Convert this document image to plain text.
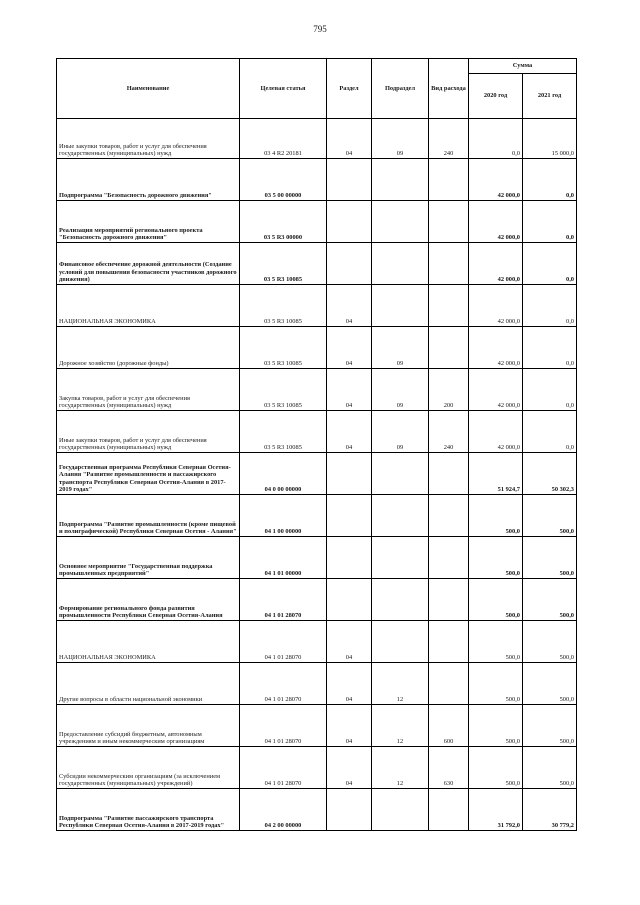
795
Наименование	Целевая статья	Раздел	Подраздел	Вид расхода	Сумма	
					2020 год	2021 год
Иные закупки товаров, работ и услуг для обеспечения государственных (муниципальных) нужд	03 4 R2 20181	04	09	240	0,0	15 000,0
Подпрограмма "Безопасность дорожного движения"	03 5 00 00000				42 000,0	0,0
Реализация мероприятий регионального проекта "Безопасность дорожного движения"	03 5 R3 00000				42 000,0	0,0
Финансовое обеспечение дорожной деятельности (Создание условий для повышения безопасности участников дорожного движения)	03 5 R3 10085				42 000,0	0,0
НАЦИОНАЛЬНАЯ ЭКОНОМИКА	03 5 R3 10085	04			42 000,0	0,0
Дорожное хозяйство (дорожные фонды)	03 5 R3 10085	04	09		42 000,0	0,0
Закупка товаров, работ и услуг для обеспечения государственных (муниципальных) нужд	03 5 R3 10085	04	09	200	42 000,0	0,0
Иные закупки товаров, работ и услуг для обеспечения государственных (муниципальных) нужд	03 5 R3 10085	04	09	240	42 000,0	0,0
Государственная программа Республики Северная Осетия-Алания "Развитие промышленности и пассажирского транспорта Республики Северная Осетия-Алания в 2017-2019 годах"	04 0 00 00000				51 924,7	50 302,3
Подпрограмма "Развитие промышленности (кроме пищевой и полиграфической) Республики Северная Осетия - Алания"	04 1 00 00000				500,0	500,0
Основное мероприятие "Государственная поддержка промышленных предприятий"	04 1 01 00000				500,0	500,0
Формирование регионального фонда развития промышленности Республики Северная Осетия-Алания	04 1 01 28070				500,0	500,0
НАЦИОНАЛЬНАЯ ЭКОНОМИКА	04 1 01 28070	04			500,0	500,0
Другие вопросы в области национальной экономики	04 1 01 28070	04	12		500,0	500,0
Предоставление субсидий бюджетным, автономным учреждениям и иным некоммерческим организациям	04 1 01 28070	04	12	600	500,0	500,0
Субсидии некоммерческим организациям (за исключением государственных (муниципальных) учреждений)	04 1 01 28070	04	12	630	500,0	500,0
Подпрограмма "Развитие пассажирского транспорта Республики Северная Осетия-Алания в 2017-2019 годах"	04 2 00 00000				31 792,0	30 779,2
